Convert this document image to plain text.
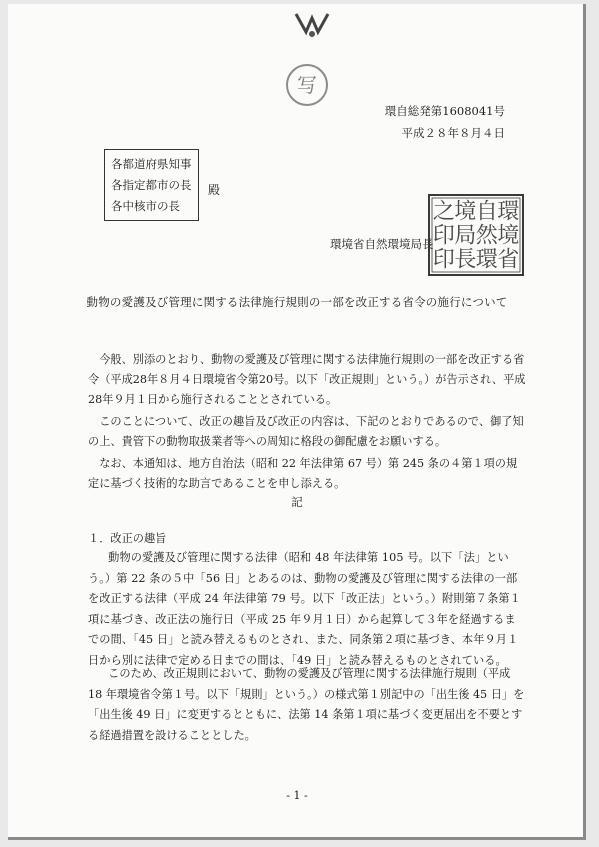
写
環自総発第1608041号
平成２８年８月４日
各都道府県知事
各指定都市の長
各中核市の長
殿
環境省自然環境局長
環
境
省
自
然
環
境
局
長
之
印
印
動物の愛護及び管理に関する法律施行規則の一部を改正する省令の施行について

今般、別添のとおり、動物の愛護及び管理に関する法律施行規則の一部を改正する省令（平成28年８月４日環境省令第20号。以下「改正規則」という。）が告示され、平成28年９月１日から施行されることとされている。

このことについて、改正の趣旨及び改正の内容は、下記のとおりであるので、御了知の上、貴管下の動物取扱業者等への周知に格段の御配慮をお願いする。

なお、本通知は、地方自治法（昭和 22 年法律第 67 号）第 245 条の４第１項の規定に基づく技術的な助言であることを申し添える。

記
１．改正の趣旨

動物の愛護及び管理に関する法律（昭和 48 年法律第 105 号。以下「法」という。）第 22 条の５中「56 日」とあるのは、動物の愛護及び管理に関する法律の一部を改正する法律（平成 24 年法律第 79 号。以下「改正法」という。）附則第７条第１項に基づき、改正法の施行日（平成 25 年９月１日）から起算して３年を経過するまでの間、「45 日」と読み替えるものとされ、また、同条第２項に基づき、本年９月１日から別に法律で定める日までの間は、「49 日」と読み替えるものとされている。

このため、改正規則において、動物の愛護及び管理に関する法律施行規則（平成 18 年環境省令第１号。以下「規則」という。）の様式第１別記中の「出生後 45 日」を「出生後 49 日」に変更するとともに、法第 14 条第１項に基づく変更届出を不要とする経過措置を設けることとした。

- 1 -
